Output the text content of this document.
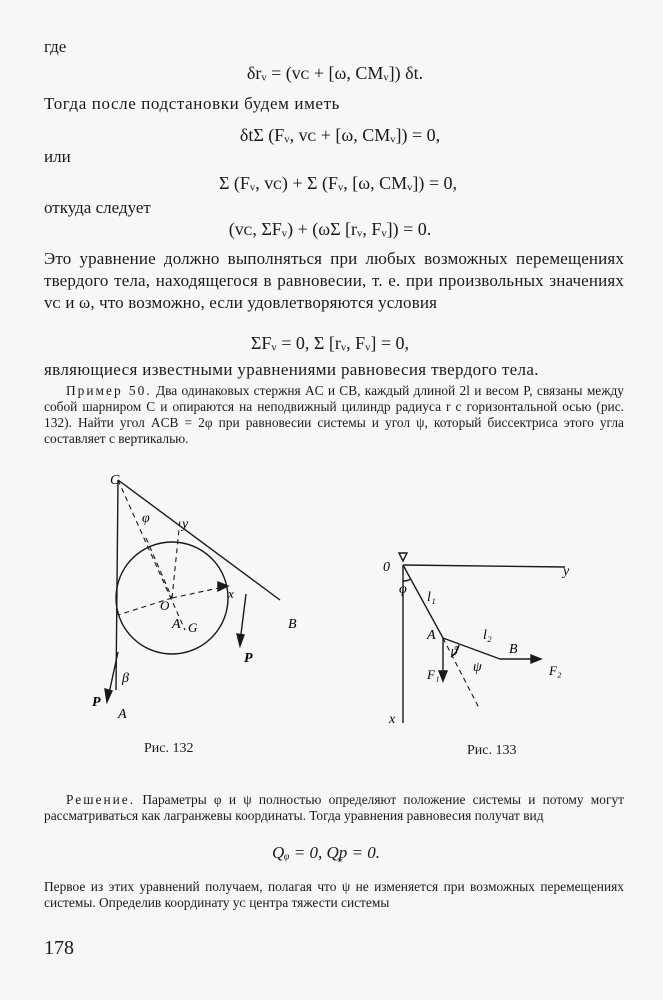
где
δrᵥ = (vᴄ + [ω, CMᵥ]) δt.
Тогда после подстановки будем иметь
δtΣ (Fᵥ, vᴄ + [ω, CMᵥ]) = 0,
или
Σ (Fᵥ, vᴄ) + Σ (Fᵥ, [ω, CMᵥ]) = 0,
откуда следует
(vᴄ, ΣFᵥ) + (ωΣ [rᵥ, Fᵥ]) = 0.
Это уравнение должно выполняться при любых возможных перемещениях твердого тела, находящегося в равновесии, т. е. при произвольных значениях vᴄ и ω, что возможно, если удовлетворяются условия
ΣFᵥ = 0, Σ [rᵥ, Fᵥ] = 0,
являющиеся известными уравнениями равновесия твердого тела.
Пример 50. Два одинаковых стержня AC и CB, каждый длиной 2l и весом P, связаны между собой шарниром C и опираются на неподвижный цилиндр радиуса r с горизонтальной осью (рис. 132). Найти угол ACB = 2φ при равновесии системы и угол ψ, который биссектриса этого угла составляет с вертикалью.
C
φ y
O
x
A G	B
P
β
P
A
Рис. 132
0	y
φ
l₁
A	l₂
ϑ	B
ψ
F₁	F₂
x
Рис. 133
Решение. Параметры φ и ψ полностью определяют положение системы и потому могут рассматриваться как лагранжевы координаты. Тогда уравнения равновесия получат вид
Qᵩ = 0, Qᵱ = 0.
Первое из этих уравнений получаем, полагая что ψ не изменяется при возможных перемещениях системы. Определив координату yᴄ центра тяжести системы
178
